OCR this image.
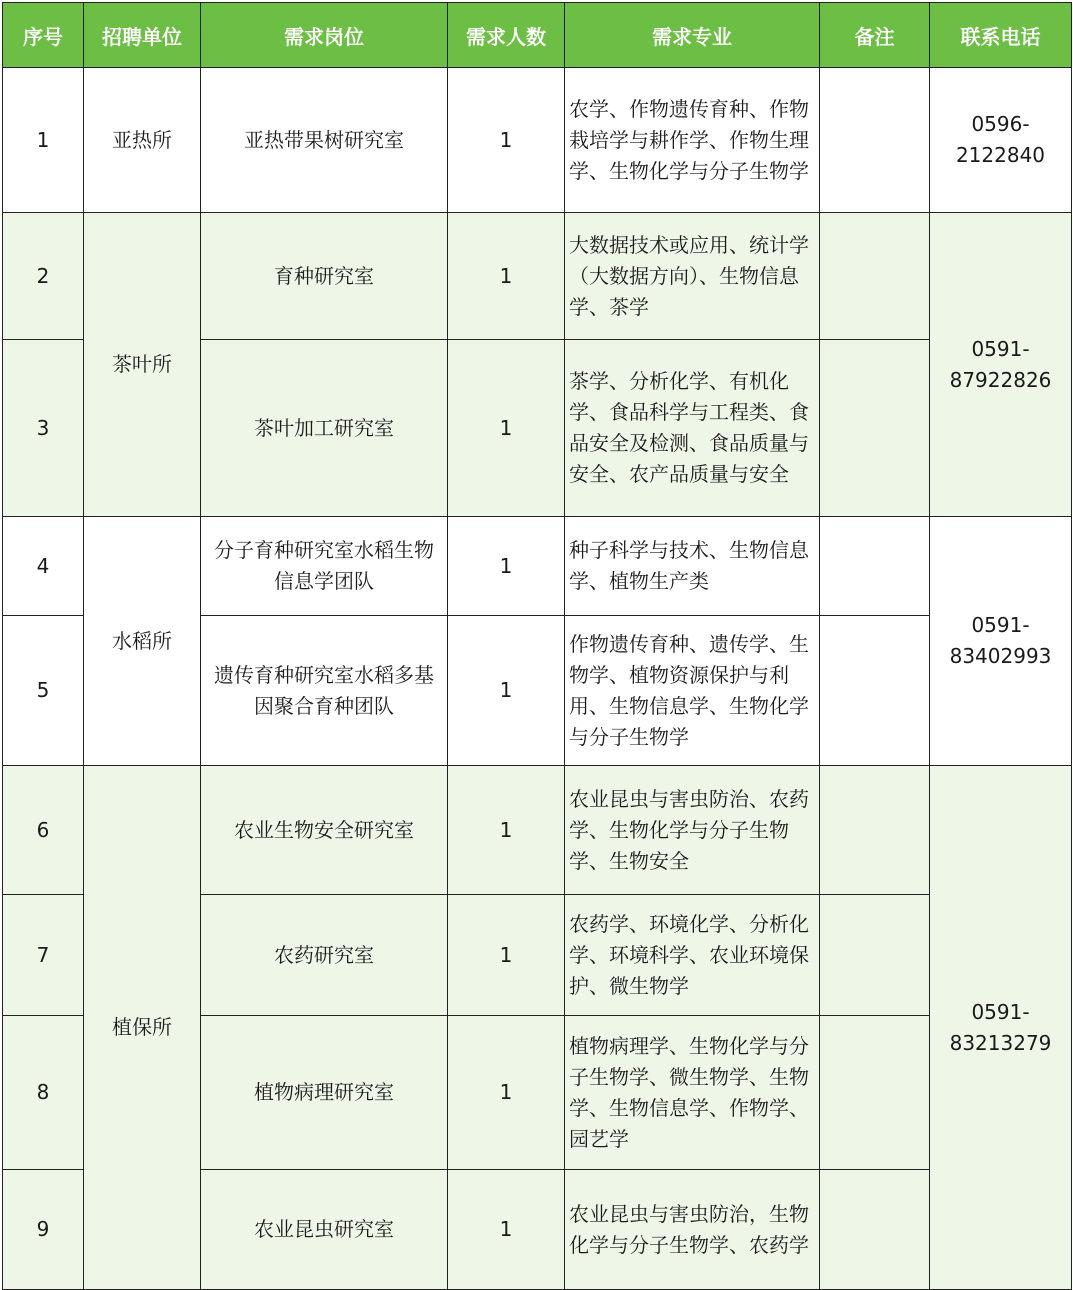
序号	招聘单位	需求岗位	需求人数	需求专业	备注	联系电话
1	亚热所	亚热带果树研究室	1	农学、作物遗传育种、作物栽培学与耕作学、作物生理学、生物化学与分子生物学		0596-2122840
2	茶叶所	育种研究室	1	大数据技术或应用、统计学（大数据方向）、生物信息学、茶学		0591-87922826
3		茶叶加工研究室	1	茶学、分析化学、有机化学、食品科学与工程类、食品安全及检测、食品质量与安全、农产品质量与安全		
4	水稻所	分子育种研究室水稻生物信息学团队	1	种子科学与技术、生物信息学、植物生产类		0591-83402993
5		遗传育种研究室水稻多基因聚合育种团队	1	作物遗传育种、遗传学、生物学、植物资源保护与利用、生物信息学、生物化学与分子生物学		
6	植保所	农业生物安全研究室	1	农业昆虫与害虫防治、农药学、生物化学与分子生物学、生物安全		0591-83213279
7		农药研究室	1	农药学、环境化学、分析化学、环境科学、农业环境保护、微生物学		
8		植物病理研究室	1	植物病理学、生物化学与分子生物学、微生物学、生物学、生物信息学、作物学、园艺学		
9		农业昆虫研究室	1	农业昆虫与害虫防治，生物化学与分子生物学、农药学		
